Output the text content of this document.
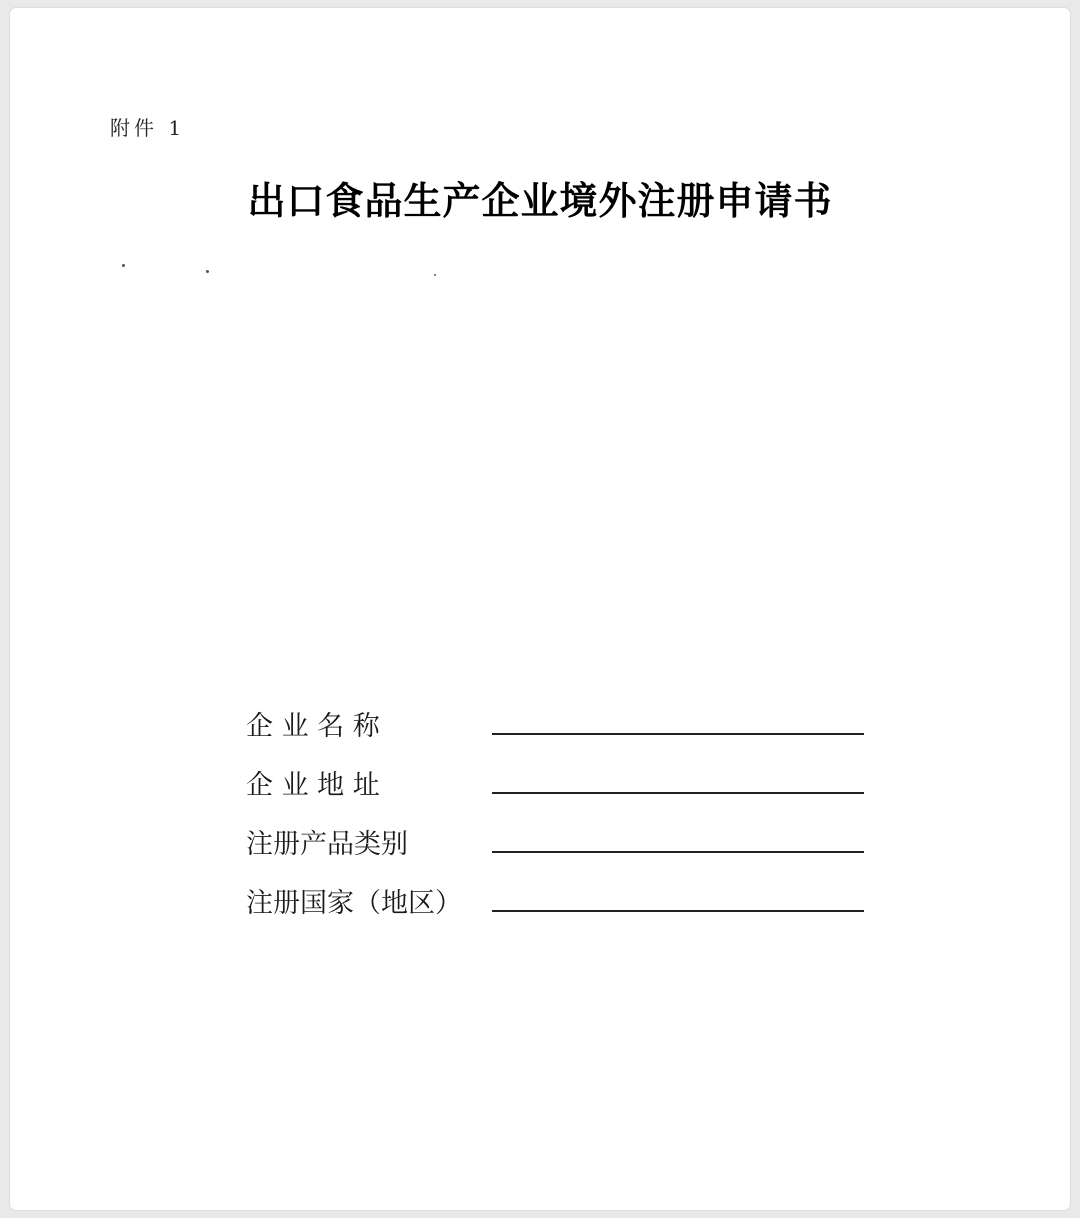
附件 1
出口食品生产企业境外注册申请书
企 业 名 称
企 业 地 址
注册产品类别
注册国家（地区）
